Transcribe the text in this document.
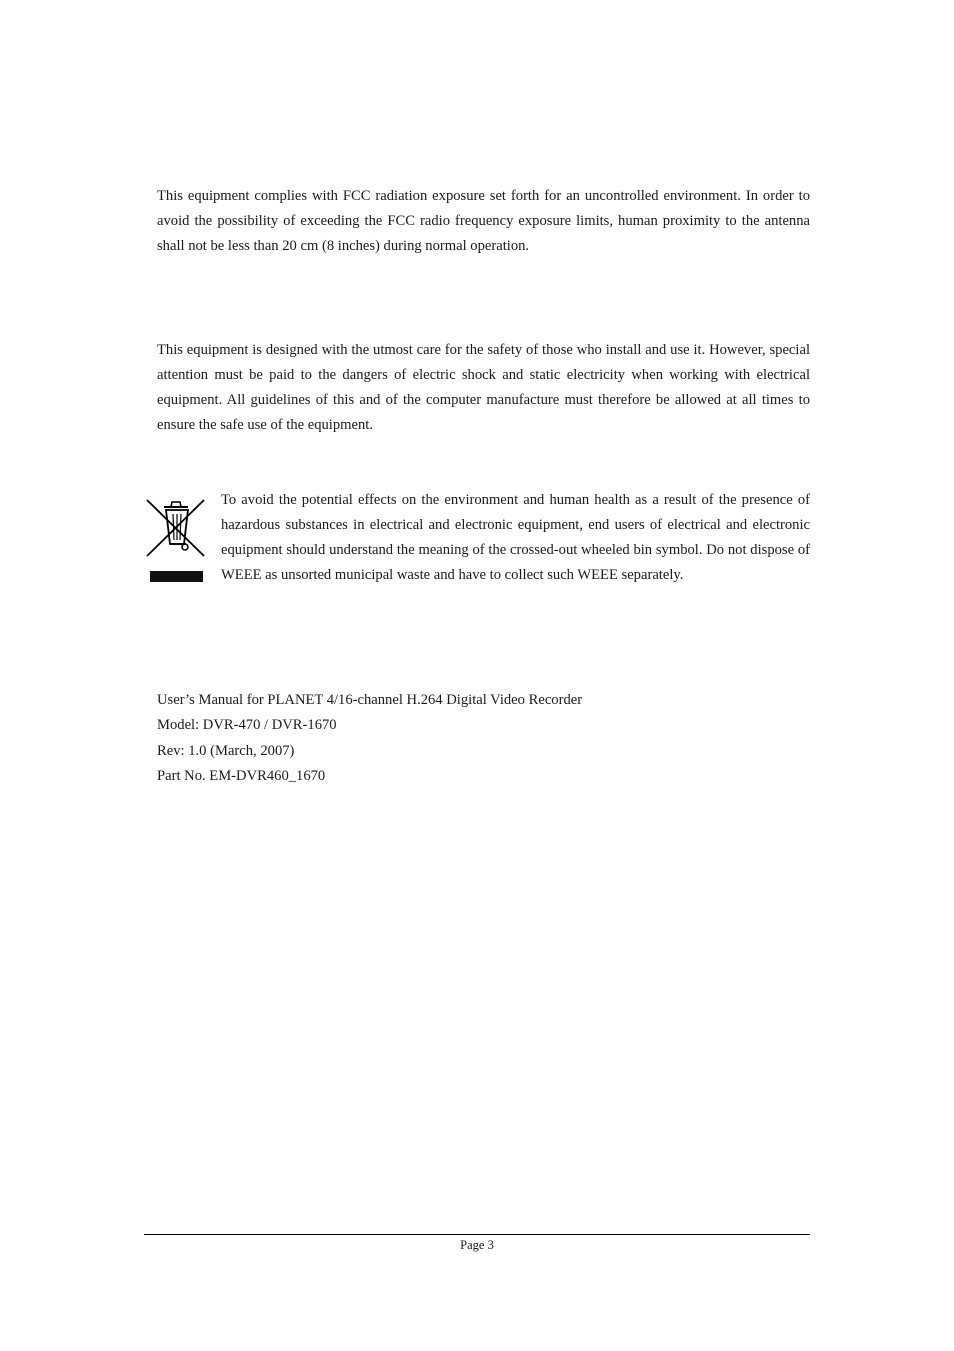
This equipment complies with FCC radiation exposure set forth for an uncontrolled environment. In order to avoid the possibility of exceeding the FCC radio frequency exposure limits, human proximity to the antenna shall not be less than 20 cm (8 inches) during normal operation.

This equipment is designed with the utmost care for the safety of those who install and use it. However, special attention must be paid to the dangers of electric shock and static electricity when working with electrical equipment. All guidelines of this and of the computer manufacture must therefore be allowed at all times to ensure the safe use of the equipment.

To avoid the potential effects on the environment and human health as a result of the presence of hazardous substances in electrical and electronic equipment, end users of electrical and electronic equipment should understand the meaning of the crossed-out wheeled bin symbol. Do not dispose of WEEE as unsorted municipal waste and have to collect such WEEE separately.

User’s Manual for PLANET 4/16-channel H.264 Digital Video Recorder
Model: DVR-470 / DVR-1670
Rev: 1.0 (March, 2007)
Part No. EM-DVR460_1670
Page 3
